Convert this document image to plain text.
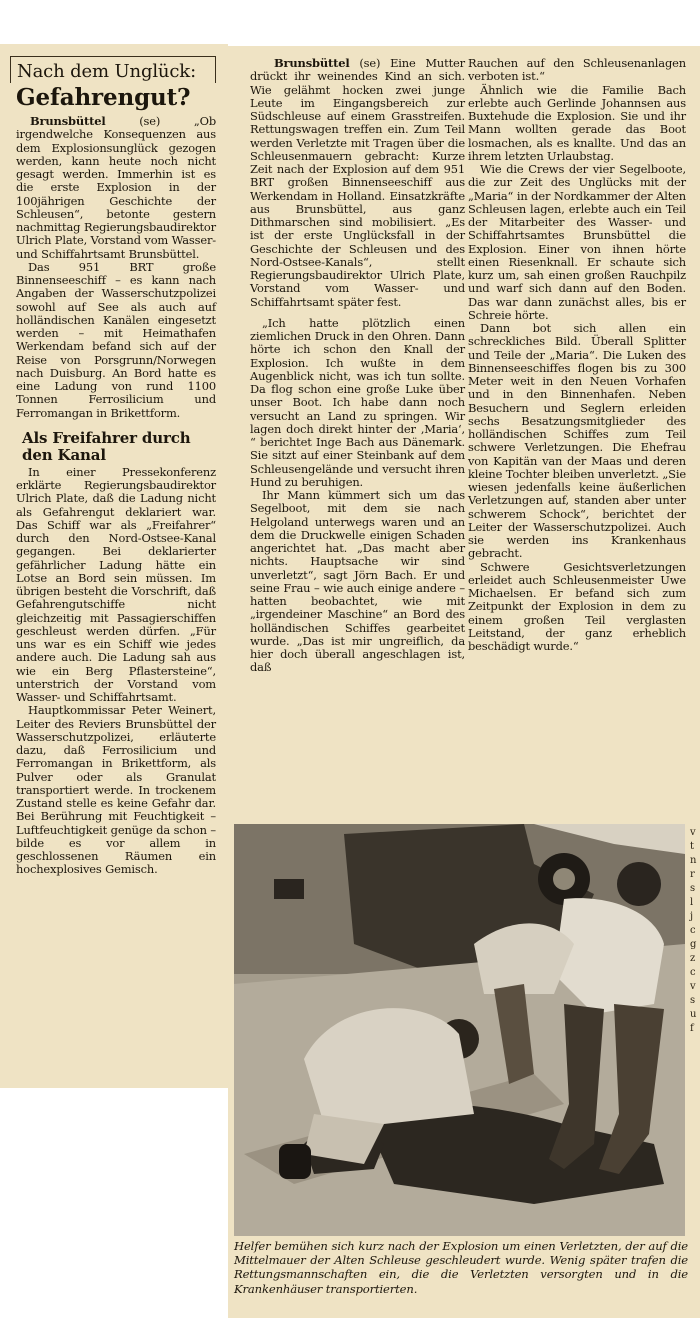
Nach dem Unglück:
Gefahrengut?

Brunsbüttel	(se) „Ob irgendwelche Konsequenzen aus dem Explosionsunglück gezogen werden, kann heute noch nicht gesagt werden. Immerhin ist es die erste Explosion in der 100jährigen Geschichte der Schleusen“, betonte gestern nachmittag Regierungsbaudirektor Ulrich Plate, Vorstand vom Wasser- und Schiffahrtsamt Brunsbüttel.

Das 951 BRT große Binnenseeschiff – es kann nach Angaben der Wasserschutzpolizei sowohl auf See als auch auf holländischen Kanälen eingesetzt werden – mit Heimathafen Werkendam befand sich auf der Reise von Porsgrunn/Norwegen nach Duisburg. An Bord hatte es eine Ladung von rund 1100 Tonnen Ferrosilicium und Ferromangan in Brikettform.

Als Freifahrer durch den Kanal

In einer Pressekonferenz erklärte Regierungsbaudirektor Ulrich Plate, daß die Ladung nicht als Gefahrengut deklariert war. Das Schiff war als „Freifahrer“ durch den Nord-Ostsee-Kanal gegangen. Bei deklarierter gefährlicher Ladung hätte ein Lotse an Bord sein müssen. Im übrigen besteht die Vorschrift, daß Gefahrengutschiffe nicht gleichzeitig mit Passagierschiffen geschleust werden dürfen. „Für uns war es ein Schiff wie jedes andere auch. Die Ladung sah aus wie ein Berg Pflastersteine“, unterstrich der Vorstand vom Wasser- und Schiffahrtsamt.

Hauptkommissar Peter Weinert, Leiter des Reviers Brunsbüttel der Wasserschutzpolizei, erläuterte dazu, daß Ferrosilicium und Ferromangan in Brikettform, als Pulver oder als Granulat transportiert werde. In trockenem Zustand stelle es keine Gefahr dar. Bei Berührung mit Feuchtigkeit – Luftfeuchtigkeit genüge da schon – bilde es vor allem in geschlossenen Räumen ein hochexplosives Gemisch.

Brunsbüttel (se) Eine Mutter drückt ihr weinendes Kind an sich. Wie gelähmt hocken zwei junge Leute im Eingangsbereich zur Südschleuse auf einem Grasstreifen. Rettungswagen treffen ein. Zum Teil werden Verletzte mit Tragen über die Schleusenmauern gebracht: Kurze Zeit nach der Explosion auf dem 951 BRT großen Binnenseeschiff aus Werkendam in Holland. Einsatzkräfte aus Brunsbüttel, aus ganz Dithmarschen sind mobilisiert. „Es ist der erste Unglücksfall in der Geschichte der Schleusen und des Nord-Ostsee-Kanals“, stellt Regierungsbaudirektor Ulrich Plate, Vorstand vom Wasser- und Schiffahrtsamt später fest.

„Ich hatte plötzlich einen ziemlichen Druck in den Ohren. Dann hörte ich schon den Knall der Explosion. Ich wußte in dem Augenblick nicht, was ich tun sollte. Da flog schon eine große Luke über unser Boot. Ich habe dann noch versucht an Land zu springen. Wir lagen doch direkt hinter der ‚Maria‘, “ berichtet Inge Bach aus Dänemark. Sie sitzt auf einer Steinbank auf dem Schleusengelände und versucht ihren Hund zu beruhigen.

Ihr Mann kümmert sich um das Segelboot, mit dem sie nach Helgoland unterwegs waren und an dem die Druckwelle einigen Schaden angerichtet hat. „Das macht aber nichts. Hauptsache wir sind unverletzt“, sagt Jörn Bach. Er und seine Frau – wie auch einige andere – hatten beobachtet, wie mit „irgendeiner Maschine“ an Bord des holländischen Schiffes gearbeitet wurde. „Das ist mir ungreiflich, da hier doch überall angeschlagen ist, daß

Rauchen auf den Schleusenanlagen verboten ist.“

Ähnlich wie die Familie Bach erlebte auch Gerlinde Johannsen aus Buxtehude die Explosion. Sie und ihr Mann wollten gerade das Boot losmachen, als es knallte. Und das an ihrem letzten Urlaubstag.

Wie die Crews der vier Segelboote, die zur Zeit des Unglücks mit der „Maria“ in der Nordkammer der Alten Schleusen lagen, erlebte auch ein Teil der Mitarbeiter des Wasser- und Schiffahrtsamtes Brunsbüttel die Explosion. Einer von ihnen hörte einen Riesenknall. Er schaute sich kurz um, sah einen großen Rauchpilz und warf sich dann auf den Boden. Das war dann zunächst alles, bis er Schreie hörte.

Dann bot sich allen ein schreckliches Bild. Überall Splitter und Teile der „Maria“. Die Luken des Binnenseeschiffes flogen bis zu 300 Meter weit in den Neuen Vorhafen und in den Binnenhafen. Neben Besuchern und Seglern erleiden sechs Besatzungsmitglieder des holländischen Schiffes zum Teil schwere Verletzungen. Die Ehefrau von Kapitän van der Maas und deren kleine Tochter bleiben unverletzt. „Sie wiesen jedenfalls keine äußerlichen Verletzungen auf, standen aber unter schwerem Schock“, berichtet der Leiter der Wasserschutzpolizei. Auch sie werden ins Krankenhaus gebracht.

Schwere Gesichtsverletzungen erleidet auch Schleusenmeister Uwe Michaelsen. Er befand sich zum Zeitpunkt der Explosion in dem zu einem großen Teil verglasten Leitstand, der ganz erheblich beschädigt wurde.“

Helfer bemühen sich kurz nach der Explosion um einen Verletzten, der auf die Mittelmauer der Alten Schleuse geschleudert wurde. Wenig später trafen die Rettungsmannschaften ein, die die Verletzten versorgten und in die Krankenhäuser transportierten.
v
t
n
r
s
l
j
c
g
z
c
v
s
u
f
